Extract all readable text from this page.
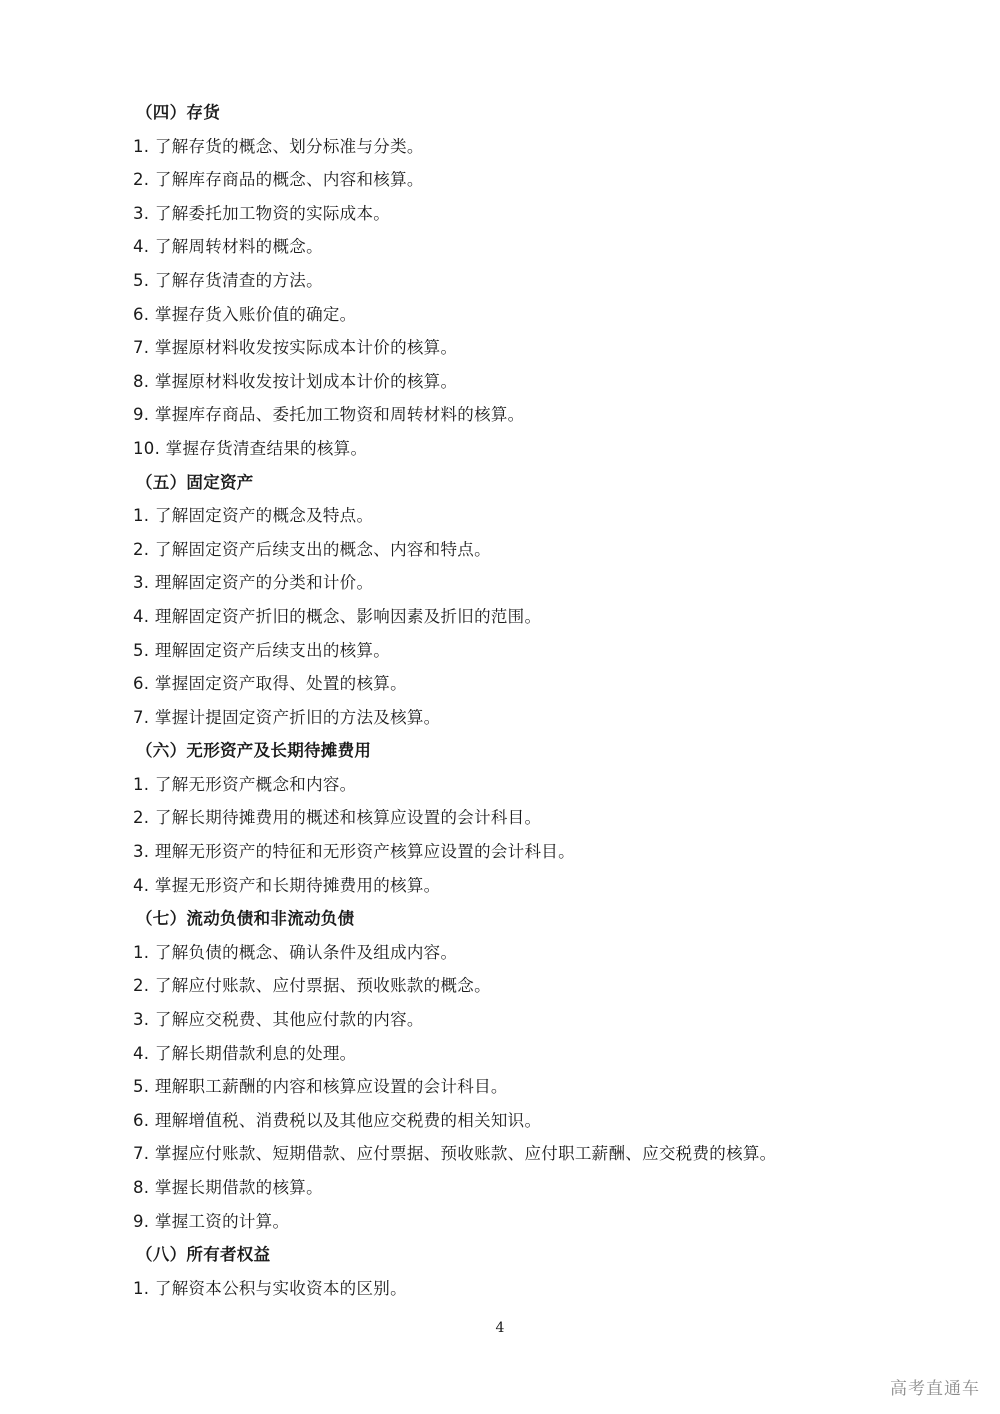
（四）存货
1. 了解存货的概念、划分标准与分类。
2. 了解库存商品的概念、内容和核算。
3. 了解委托加工物资的实际成本。
4. 了解周转材料的概念。
5. 了解存货清查的方法。
6. 掌握存货入账价值的确定。
7. 掌握原材料收发按实际成本计价的核算。
8. 掌握原材料收发按计划成本计价的核算。
9. 掌握库存商品、委托加工物资和周转材料的核算。
10. 掌握存货清查结果的核算。
（五）固定资产
1. 了解固定资产的概念及特点。
2. 了解固定资产后续支出的概念、内容和特点。
3. 理解固定资产的分类和计价。
4. 理解固定资产折旧的概念、影响因素及折旧的范围。
5. 理解固定资产后续支出的核算。
6. 掌握固定资产取得、处置的核算。
7. 掌握计提固定资产折旧的方法及核算。
（六）无形资产及长期待摊费用
1. 了解无形资产概念和内容。
2. 了解长期待摊费用的概述和核算应设置的会计科目。
3. 理解无形资产的特征和无形资产核算应设置的会计科目。
4. 掌握无形资产和长期待摊费用的核算。
（七）流动负债和非流动负债
1. 了解负债的概念、确认条件及组成内容。
2. 了解应付账款、应付票据、预收账款的概念。
3. 了解应交税费、其他应付款的内容。
4. 了解长期借款利息的处理。
5. 理解职工薪酬的内容和核算应设置的会计科目。
6. 理解增值税、消费税以及其他应交税费的相关知识。
7. 掌握应付账款、短期借款、应付票据、预收账款、应付职工薪酬、应交税费的核算。
8. 掌握长期借款的核算。
9. 掌握工资的计算。
（八）所有者权益
1. 了解资本公积与实收资本的区别。
4
高考直通车
